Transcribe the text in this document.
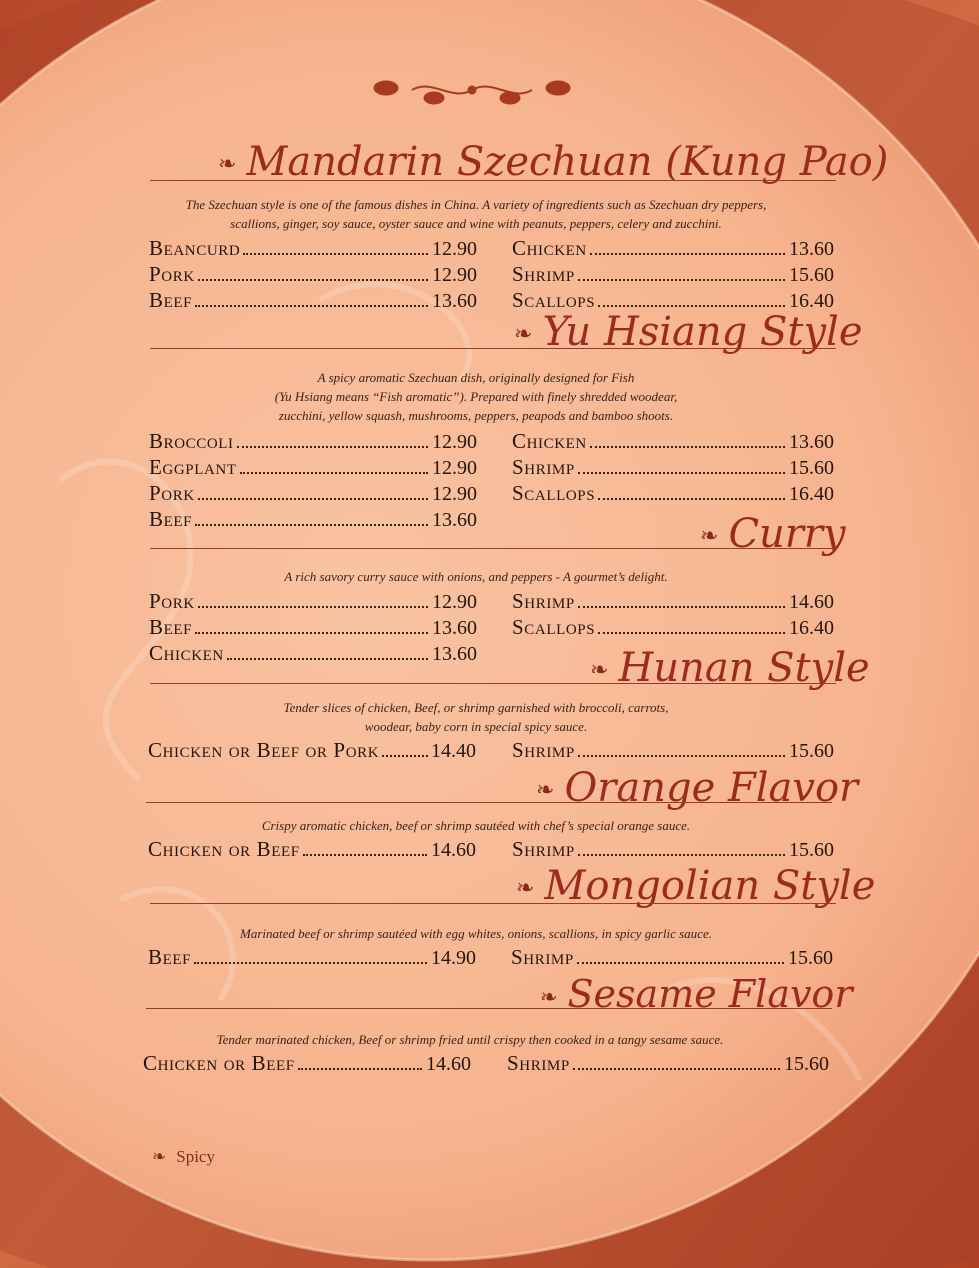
❧ Mandarin Szechuan (Kung Pao)
The Szechuan style is one of the famous dishes in China. A variety of ingredients such as Szechuan dry peppers,
scallions, ginger, soy sauce, oyster sauce and wine with peanuts, peppers, celery and zucchini.
Beancurd	12.90
Pork	12.90
Beef	13.60
Chicken	13.60
Shrimp	15.60
Scallops	16.40
❧ Yu Hsiang Style
A spicy aromatic Szechuan dish, originally designed for Fish
(Yu Hsiang means “Fish aromatic”). Prepared with finely shredded woodear,
zucchini, yellow squash, mushrooms, peppers, peapods and bamboo shoots.
Broccoli	12.90
Eggplant	12.90
Pork	12.90
Beef	13.60
Chicken	13.60
Shrimp	15.60
Scallops	16.40
❧ Curry
A rich savory curry sauce with onions, and peppers - A gourmet’s delight.
Pork	12.90
Beef	13.60
Chicken	13.60
Shrimp	14.60
Scallops	16.40
❧ Hunan Style
Tender slices of chicken, Beef, or shrimp garnished with broccoli, carrots,
woodear, baby corn in special spicy sauce.
Chicken or Beef or Pork	14.40 Shrimp	15.60
❧ Orange Flavor
Crispy aromatic chicken, beef or shrimp sautéed with chef’s special orange sauce.
Chicken or Beef	14.60 Shrimp	15.60
❧ Mongolian Style
Marinated beef or shrimp sautéed with egg whites, onions, scallions, in spicy garlic sauce.
Beef	14.90 Shrimp	15.60
❧ Sesame Flavor
Tender marinated chicken, Beef or shrimp fried until crispy then cooked in a tangy sesame sauce.
Chicken or Beef	14.60 Shrimp	15.60
❧ Spicy
